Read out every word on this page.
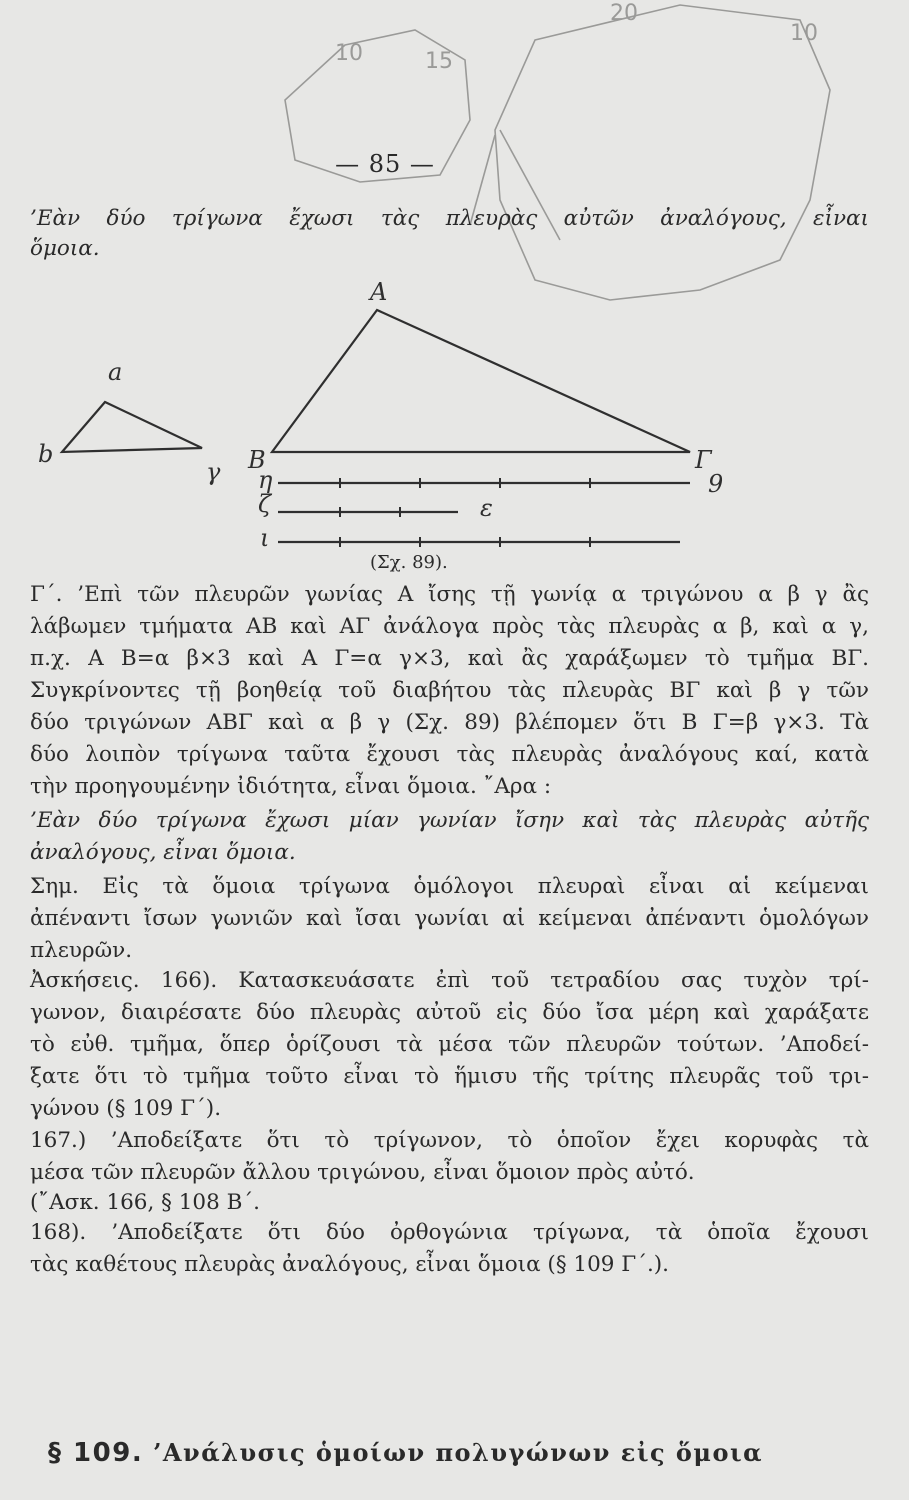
10	15
20
10
— 85 —
’Εὰν δύο τρίγωνα ἔχωσι τὰς πλευρὰς αὐτῶν ἀναλόγους, εἶναι
ὅμοια.
A
Β	Γ
a
b
γ
ε
ζ
η
ι
9
(Σχ. 89).
Γ΄. ’Επὶ τῶν πλευρῶν γωνίας Α ἴσης τῇ γωνίᾳ α τριγώνου α β γ ἂς
λάβωμεν τμήματα ΑΒ καὶ ΑΓ ἀνάλογα πρὸς τὰς πλευρὰς α β, καὶ α γ,
π.χ. Α Β=α β×3 καὶ Α Γ=α γ×3, καὶ ἂς χαράξωμεν τὸ τμῆμα ΒΓ.
Συγκρίνοντες τῇ βοηθείᾳ τοῦ διαβήτου τὰς πλευρὰς ΒΓ καὶ β γ τῶν
δύο τριγώνων ΑΒΓ καὶ α β γ (Σχ. 89) βλέπομεν ὅτι Β Γ=β γ×3. Τὰ
δύο λοιπὸν τρίγωνα ταῦτα ἔχουσι τὰς πλευρὰς ἀναλόγους καί, κατὰ
τὴν προηγουμένην ἰδιότητα, εἶναι ὅμοια. ῎Αρα :
’Εὰν δύο τρίγωνα ἔχωσι μίαν γωνίαν ἴσην καὶ τὰς πλευρὰς αὐτῆς
ἀναλόγους, εἶναι ὅμοια.
Σημ. Εἰς τὰ ὅμοια τρίγωνα ὁμόλογοι πλευραὶ εἶναι αἱ κείμεναι
ἀπέναντι ἴσων γωνιῶν καὶ ἴσαι γωνίαι αἱ κείμεναι ἀπέναντι ὁμολόγων
πλευρῶν.
Ἀσκήσεις. 166). Κατασκευάσατε ἐπὶ τοῦ τετραδίου σας τυχὸν τρί-
γωνον, διαιρέσατε δύο πλευρὰς αὐτοῦ εἰς δύο ἴσα μέρη καὶ χαράξατε
τὸ εὐθ. τμῆμα, ὅπερ ὁρίζουσι τὰ μέσα τῶν πλευρῶν τούτων. ’Αποδεί-
ξατε ὅτι τὸ τμῆμα τοῦτο εἶναι τὸ ἥμισυ τῆς τρίτης πλευρᾶς τοῦ τρι-
γώνου (§ 109 Γ΄).
167.) ’Αποδείξατε ὅτι τὸ τρίγωνον, τὸ ὁποῖον ἔχει κορυφὰς τὰ
μέσα τῶν πλευρῶν ἄλλου τριγώνου, εἶναι ὅμοιον πρὸς αὐτό.
(῎Ασκ. 166, § 108 Β΄.
168). ’Αποδείξατε ὅτι δύο ὀρθογώνια τρίγωνα, τὰ ὁποῖα ἔχουσι
τὰς καθέτους πλευρὰς ἀναλόγους, εἶναι ὅμοια (§ 109 Γ΄.).
§ 109. ’Ανάλυσις ὁμοίων πολυγώνων εἰς ὅμοια
